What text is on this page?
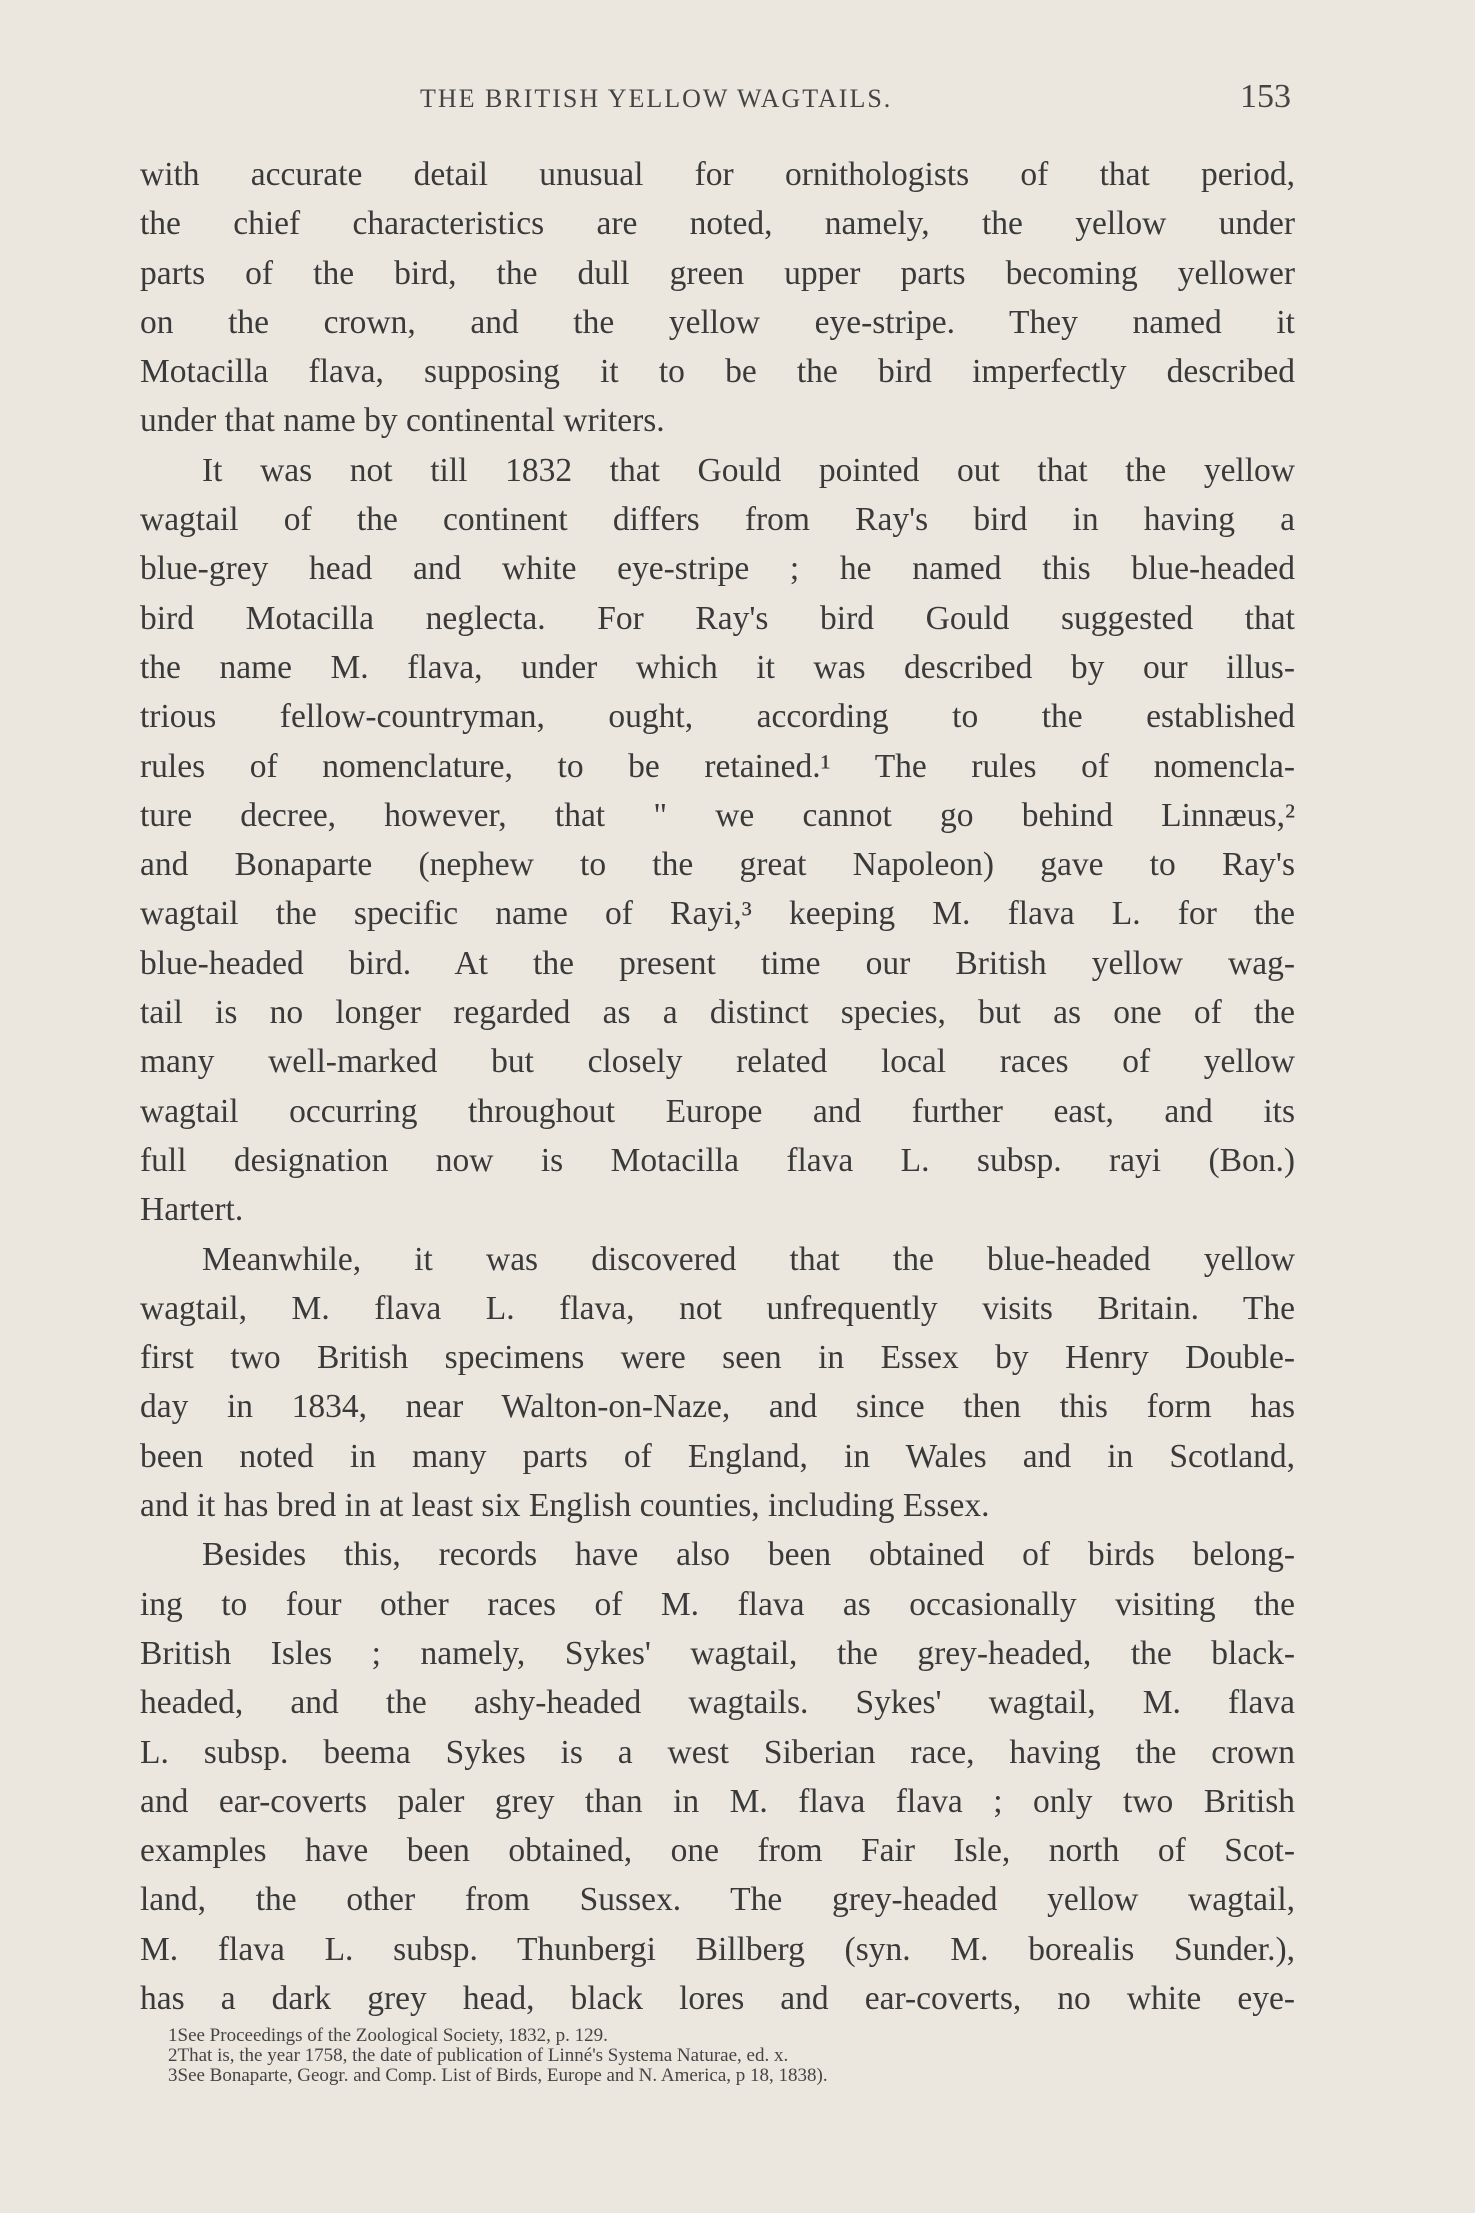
THE BRITISH YELLOW WAGTAILS.	153
with accurate detail unusual for ornithologists of that period,
the chief characteristics are noted, namely, the yellow under
parts of the bird, the dull green upper parts becoming yellower
on the crown, and the yellow eye-stripe. They named it
Motacilla flava, supposing it to be the bird imperfectly described
under that name by continental writers.
It was not till 1832 that Gould pointed out that the yellow
wagtail of the continent differs from Ray's bird in having a
blue-grey head and white eye-stripe ; he named this blue-headed
bird Motacilla neglecta. For Ray's bird Gould suggested that
the name M. flava, under which it was described by our illus-
trious fellow-countryman, ought, according to the established
rules of nomenclature, to be retained.¹ The rules of nomencla-
ture decree, however, that " we cannot go behind Linnæus,²
and Bonaparte (nephew to the great Napoleon) gave to Ray's
wagtail the specific name of Rayi,³ keeping M. flava L. for the
blue-headed bird. At the present time our British yellow wag-
tail is no longer regarded as a distinct species, but as one of the
many well-marked but closely related local races of yellow
wagtail occurring throughout Europe and further east, and its
full designation now is Motacilla flava L. subsp. rayi (Bon.)
Hartert.
Meanwhile, it was discovered that the blue-headed yellow
wagtail, M. flava L. flava, not unfrequently visits Britain. The
first two British specimens were seen in Essex by Henry Double-
day in 1834, near Walton-on-Naze, and since then this form has
been noted in many parts of England, in Wales and in Scotland,
and it has bred in at least six English counties, including Essex.
Besides this, records have also been obtained of birds belong-
ing to four other races of M. flava as occasionally visiting the
British Isles ; namely, Sykes' wagtail, the grey-headed, the black-
headed, and the ashy-headed wagtails. Sykes' wagtail, M. flava
L. subsp. beema Sykes is a west Siberian race, having the crown
and ear-coverts paler grey than in M. flava flava ; only two British
examples have been obtained, one from Fair Isle, north of Scot-
land, the other from Sussex. The grey-headed yellow wagtail,
M. flava L. subsp. Thunbergi Billberg (syn. M. borealis Sunder.),
has a dark grey head, black lores and ear-coverts, no white eye-
1See Proceedings of the Zoological Society, 1832, p. 129.
2That is, the year 1758, the date of publication of Linné's Systema Naturae, ed. x.
3See Bonaparte, Geogr. and Comp. List of Birds, Europe and N. America, p 18, 1838).
